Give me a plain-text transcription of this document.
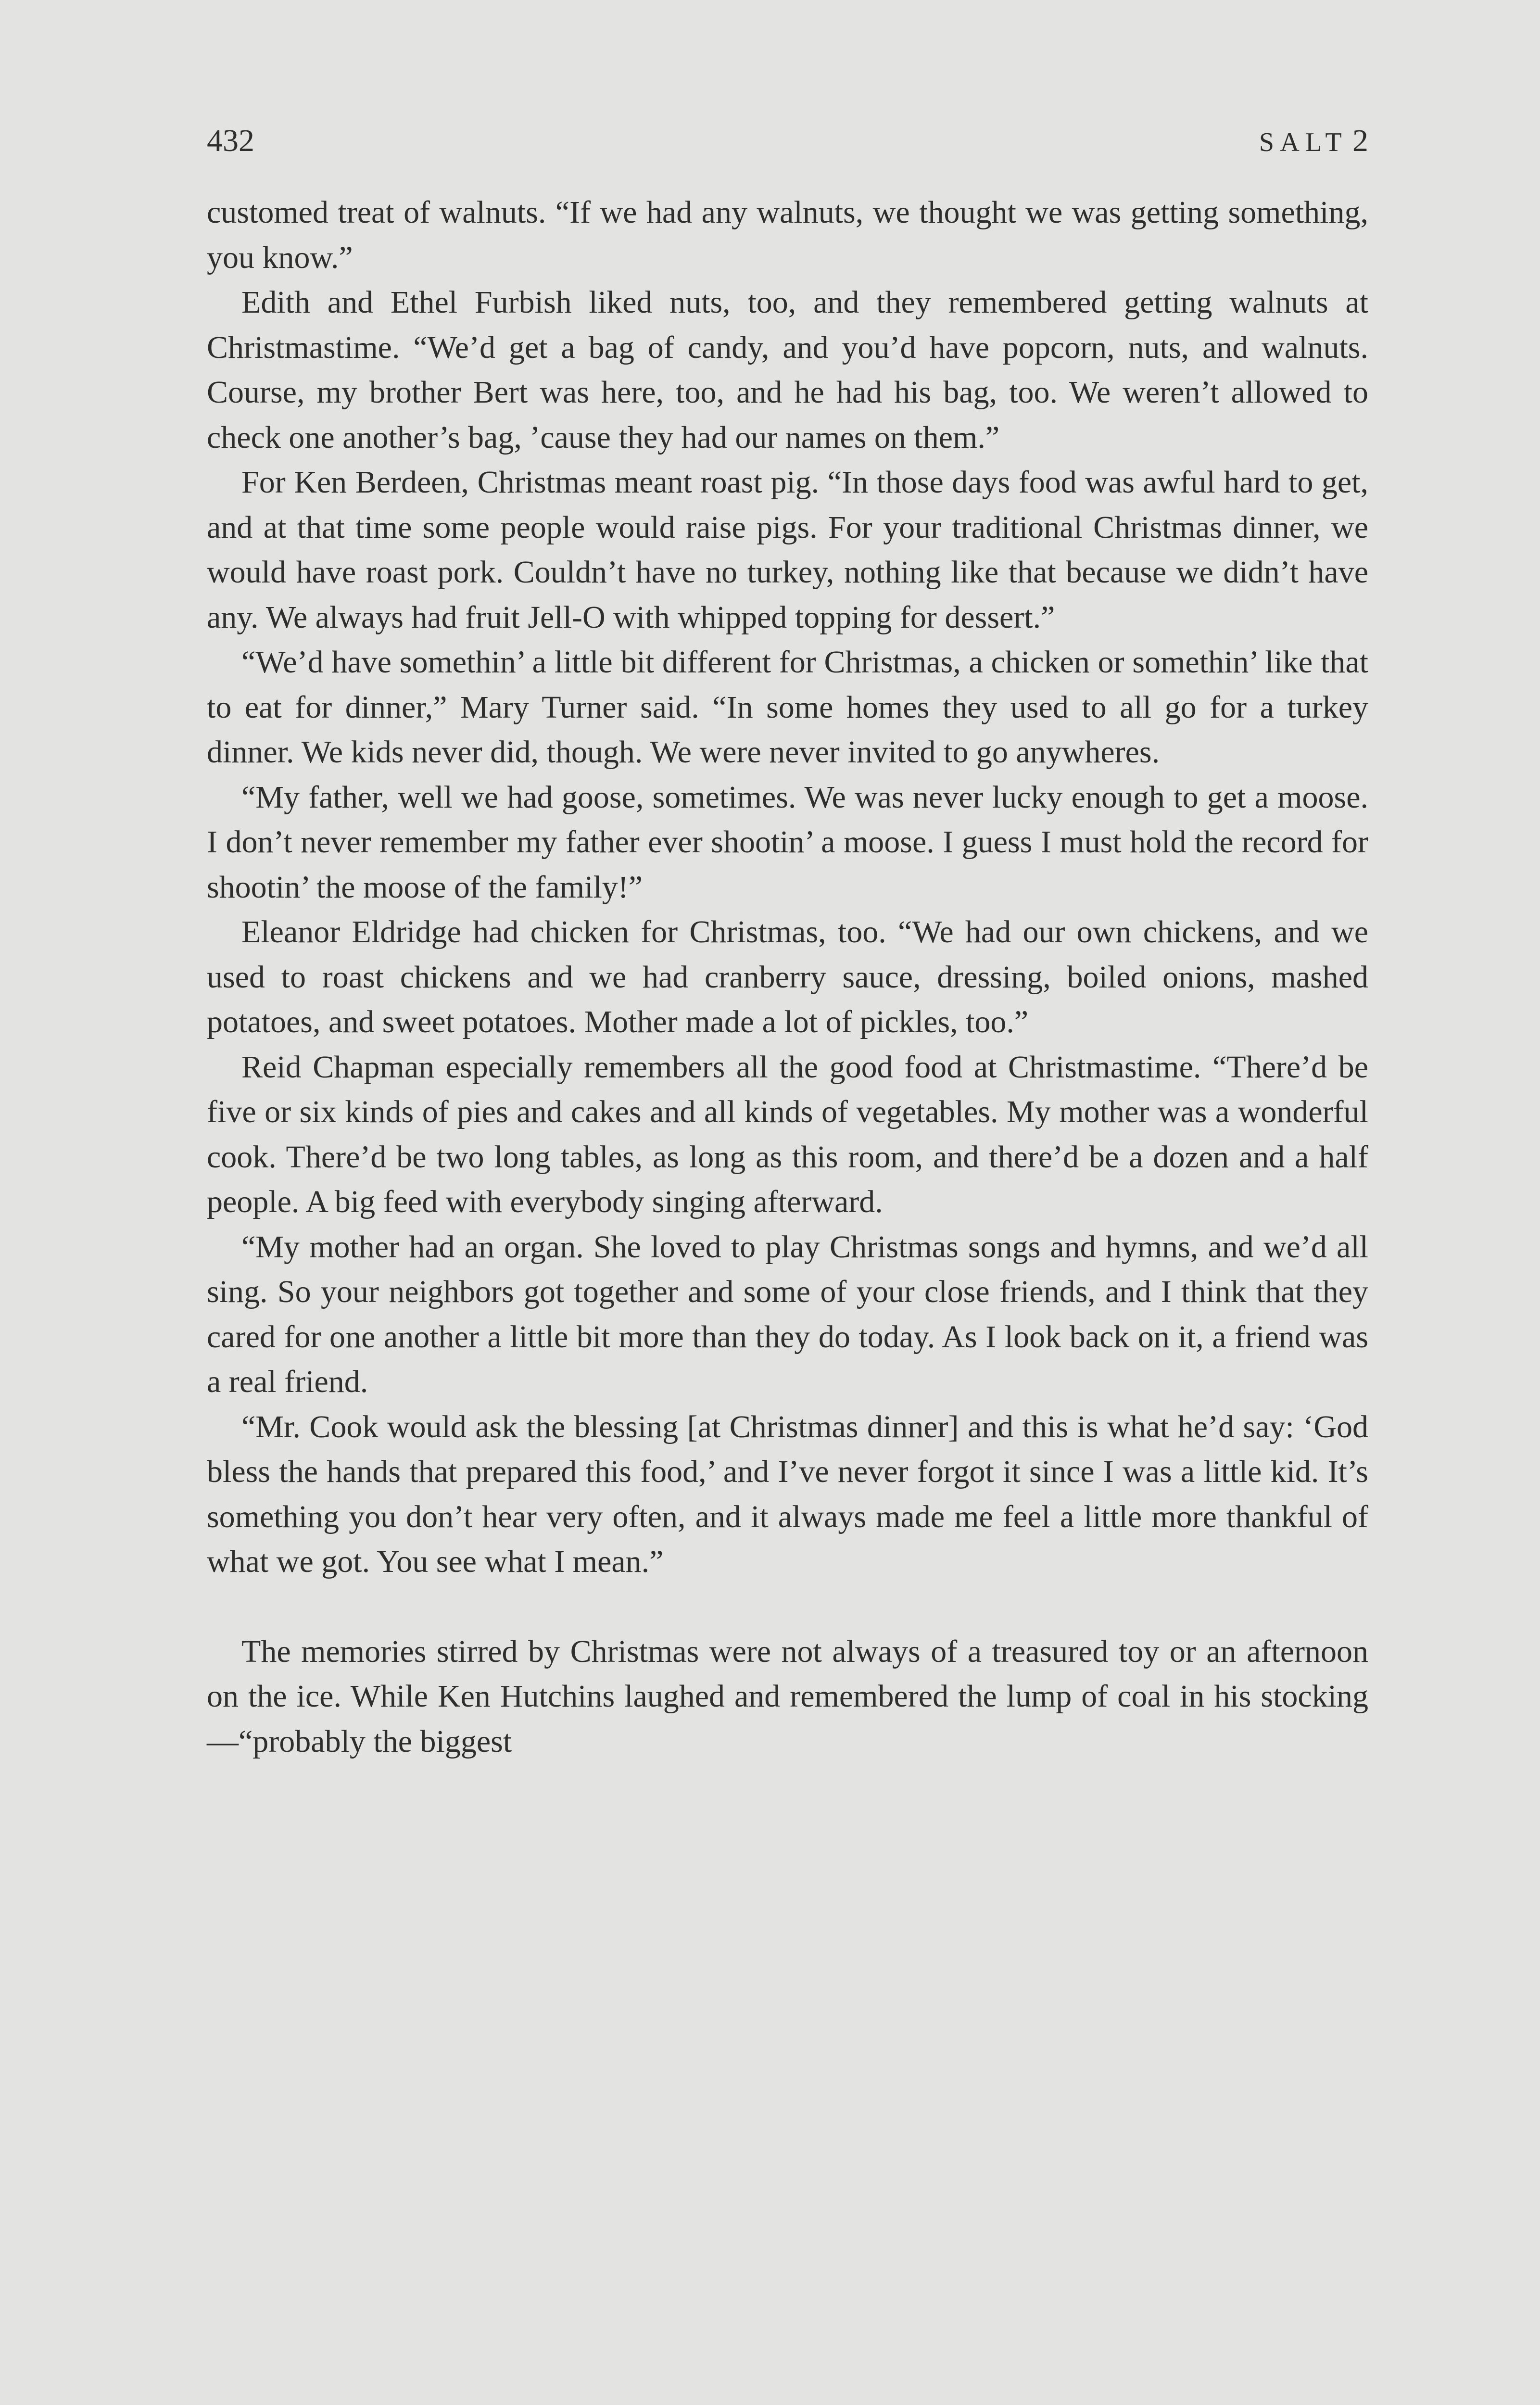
432	SALT 2

customed treat of walnuts. “If we had any walnuts, we thought we was getting something, you know.”

Edith and Ethel Furbish liked nuts, too, and they remembered getting walnuts at Christmastime. “We’d get a bag of candy, and you’d have popcorn, nuts, and walnuts. Course, my brother Bert was here, too, and he had his bag, too. We weren’t allowed to check one another’s bag, ’cause they had our names on them.”

For Ken Berdeen, Christmas meant roast pig. “In those days food was awful hard to get, and at that time some people would raise pigs. For your traditional Christmas dinner, we would have roast pork. Couldn’t have no turkey, nothing like that because we didn’t have any. We always had fruit Jell-O with whipped topping for dessert.”

“We’d have somethin’ a little bit different for Christmas, a chicken or somethin’ like that to eat for dinner,” Mary Turner said. “In some homes they used to all go for a turkey dinner. We kids never did, though. We were never invited to go anywheres.

“My father, well we had goose, sometimes. We was never lucky enough to get a moose. I don’t never remember my father ever shootin’ a moose. I guess I must hold the record for shootin’ the moose of the family!”

Eleanor Eldridge had chicken for Christmas, too. “We had our own chickens, and we used to roast chickens and we had cranberry sauce, dressing, boiled onions, mashed potatoes, and sweet potatoes. Mother made a lot of pickles, too.”

Reid Chapman especially remembers all the good food at Christmastime. “There’d be five or six kinds of pies and cakes and all kinds of vegetables. My mother was a wonderful cook. There’d be two long tables, as long as this room, and there’d be a dozen and a half people. A big feed with everybody singing afterward.

“My mother had an organ. She loved to play Christmas songs and hymns, and we’d all sing. So your neighbors got together and some of your close friends, and I think that they cared for one another a little bit more than they do today. As I look back on it, a friend was a real friend.

“Mr. Cook would ask the blessing [at Christmas dinner] and this is what he’d say: ‘God bless the hands that prepared this food,’ and I’ve never forgot it since I was a little kid. It’s something you don’t hear very often, and it always made me feel a little more thankful of what we got. You see what I mean.”

The memories stirred by Christmas were not always of a treasured toy or an afternoon on the ice. While Ken Hutchins laughed and remembered the lump of coal in his stocking—“probably the biggest
